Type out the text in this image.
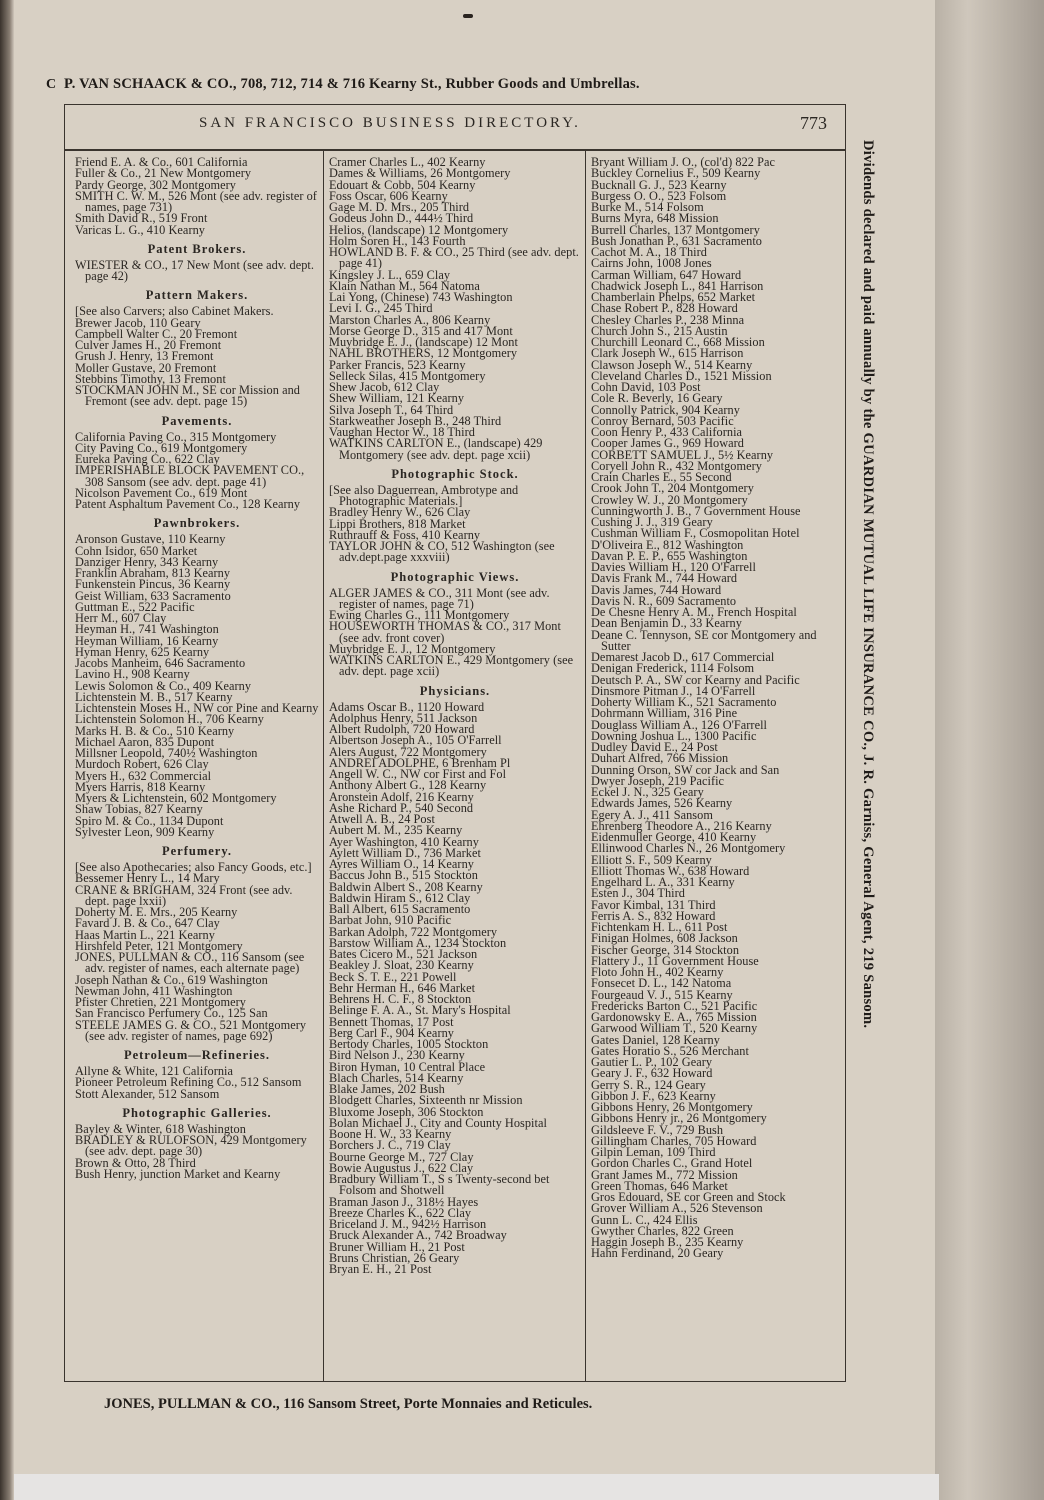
C P. VAN SCHAACK & CO., 708, 712, 714 & 716 Kearny St., Rubber Goods and Umbrellas.
SAN FRANCISCO BUSINESS DIRECTORY.	773
Friend E. A. & Co., 601 California
Fuller & Co., 21 New Montgomery
Pardy George, 302 Montgomery
SMITH C. W. M., 526 Mont (see adv. register of names, page 731)
Smith David R., 519 Front
Varicas L. G., 410 Kearny
Patent Brokers.
WIESTER & CO., 17 New Mont (see adv. dept. page 42)
Pattern Makers.
[See also Carvers; also Cabinet Makers.
Brewer Jacob, 110 Geary
Campbell Walter C., 20 Fremont
Culver James H., 20 Fremont
Grush J. Henry, 13 Fremont
Moller Gustave, 20 Fremont
Stebbins Timothy, 13 Fremont
STOCKMAN JOHN M., SE cor Mission and Fremont (see adv. dept. page 15)
Pavements.
California Paving Co., 315 Montgomery
City Paving Co., 619 Montgomery
Eureka Paving Co., 622 Clay
IMPERISHABLE BLOCK PAVEMENT CO., 308 Sansom (see adv. dept. page 41)
Nicolson Pavement Co., 619 Mont
Patent Asphaltum Pavement Co., 128 Kearny
Pawnbrokers.
Aronson Gustave, 110 Kearny
Cohn Isidor, 650 Market
Danziger Henry, 343 Kearny
Franklin Abraham, 813 Kearny
Funkenstein Pincus, 36 Kearny
Geist William, 633 Sacramento
Guttman E., 522 Pacific
Herr M., 607 Clay
Heyman H., 741 Washington
Heyman William, 16 Kearny
Hyman Henry, 625 Kearny
Jacobs Manheim, 646 Sacramento
Lavino H., 908 Kearny
Lewis Solomon & Co., 409 Kearny
Lichtenstein M. B., 517 Kearny
Lichtenstein Moses H., NW cor Pine and Kearny
Lichtenstein Solomon H., 706 Kearny
Marks H. B. & Co., 510 Kearny
Michael Aaron, 835 Dupont
Millsner Leopold, 740½ Washington
Murdoch Robert, 626 Clay
Myers H., 632 Commercial
Myers Harris, 818 Kearny
Myers & Lichtenstein, 602 Montgomery
Shaw Tobias, 827 Kearny
Spiro M. & Co., 1134 Dupont
Sylvester Leon, 909 Kearny
Perfumery.
[See also Apothecaries; also Fancy Goods, etc.]
Bessemer Henry L., 14 Mary
CRANE & BRIGHAM, 324 Front (see adv. dept. page lxxii)
Doherty M. E. Mrs., 205 Kearny
Favard J. B. & Co., 647 Clay
Haas Martin L., 221 Kearny
Hirshfeld Peter, 121 Montgomery
JONES, PULLMAN & CO., 116 Sansom (see adv. register of names, each alternate page)
Joseph Nathan & Co., 619 Washington
Newman John, 411 Washington
Pfister Chretien, 221 Montgomery
San Francisco Perfumery Co., 125 San
STEELE JAMES G. & CO., 521 Montgomery (see adv. register of names, page 692)
Petroleum—Refineries.
Allyne & White, 121 California
Pioneer Petroleum Refining Co., 512 Sansom
Stott Alexander, 512 Sansom
Photographic Galleries.
Bayley & Winter, 618 Washington
BRADLEY & RULOFSON, 429 Montgomery (see adv. dept. page 30)
Brown & Otto, 28 Third
Bush Henry, junction Market and Kearny
Cramer Charles L., 402 Kearny
Dames & Williams, 26 Montgomery
Edouart & Cobb, 504 Kearny
Foss Oscar, 606 Kearny
Gage M. D. Mrs., 205 Third
Godeus John D., 444½ Third
Helios, (landscape) 12 Montgomery
Holm Soren H., 143 Fourth
HOWLAND B. F. & CO., 25 Third (see adv. dept. page 41)
Kingsley J. L., 659 Clay
Klain Nathan M., 564 Natoma
Lai Yong, (Chinese) 743 Washington
Levi I. G., 245 Third
Marston Charles A., 806 Kearny
Morse George D., 315 and 417 Mont
Muybridge E. J., (landscape) 12 Mont
NAHL BROTHERS, 12 Montgomery
Parker Francis, 523 Kearny
Selleck Silas, 415 Montgomery
Shew Jacob, 612 Clay
Shew William, 121 Kearny
Silva Joseph T., 64 Third
Starkweather Joseph B., 248 Third
Vaughan Hector W., 18 Third
WATKINS CARLTON E., (landscape) 429 Montgomery (see adv. dept. page xcii)
Photographic Stock.
[See also Daguerrean, Ambrotype and Photographic Materials.]
Bradley Henry W., 626 Clay
Lippi Brothers, 818 Market
Ruthrauff & Foss, 410 Kearny
TAYLOR JOHN & CO, 512 Washington (see adv.dept.page xxxviii)
Photographic Views.
ALGER JAMES & CO., 311 Mont (see adv. register of names, page 71)
Ewing Charles G., 111 Montgomery
HOUSEWORTH THOMAS & CO., 317 Mont (see adv. front cover)
Muybridge E. J., 12 Montgomery
WATKINS CARLTON E., 429 Montgomery (see adv. dept. page xcii)
Physicians.
Adams Oscar B., 1120 Howard
Adolphus Henry, 511 Jackson
Albert Rudolph, 720 Howard
Albertson Joseph A., 105 O'Farrell
Alers August, 722 Montgomery
ANDREI ADOLPHE, 6 Brenham Pl
Angell W. C., NW cor First and Fol
Anthony Albert G., 128 Kearny
Aronstein Adolf, 216 Kearny
Ashe Richard P., 540 Second
Atwell A. B., 24 Post
Aubert M. M., 235 Kearny
Ayer Washington, 410 Kearny
Aylett William D., 736 Market
Ayres William O., 14 Kearny
Baccus John B., 515 Stockton
Baldwin Albert S., 208 Kearny
Baldwin Hiram S., 612 Clay
Ball Albert, 615 Sacramento
Barbat John, 910 Pacific
Barkan Adolph, 722 Montgomery
Barstow William A., 1234 Stockton
Bates Cicero M., 521 Jackson
Beakley J. Sloat, 230 Kearny
Beck S. T. E., 221 Powell
Behr Herman H., 646 Market
Behrens H. C. F., 8 Stockton
Belinge F. A. A., St. Mary's Hospital
Bennett Thomas, 17 Post
Berg Carl F., 904 Kearny
Bertody Charles, 1005 Stockton
Bird Nelson J., 230 Kearny
Biron Hyman, 10 Central Place
Blach Charles, 514 Kearny
Blake James, 202 Bush
Blodgett Charles, Sixteenth nr Mission
Bluxome Joseph, 306 Stockton
Bolan Michael J., City and County Hospital
Boone H. W., 33 Kearny
Borchers J. C., 719 Clay
Bourne George M., 727 Clay
Bowie Augustus J., 622 Clay
Bradbury William T., S s Twenty-second bet Folsom and Shotwell
Braman Jason J., 318½ Hayes
Breeze Charles K., 622 Clay
Briceland J. M., 942½ Harrison
Bruck Alexander A., 742 Broadway
Bruner William H., 21 Post
Bruns Christian, 26 Geary
Bryan E. H., 21 Post
Bryant William J. O., (col'd) 822 Pac
Buckley Cornelius F., 509 Kearny
Bucknall G. J., 523 Kearny
Burgess O. O., 523 Folsom
Burke M., 514 Folsom
Burns Myra, 648 Mission
Burrell Charles, 137 Montgomery
Bush Jonathan P., 631 Sacramento
Cachot M. A., 18 Third
Cairns John, 1008 Jones
Carman William, 647 Howard
Chadwick Joseph L., 841 Harrison
Chamberlain Phelps, 652 Market
Chase Robert P., 828 Howard
Chesley Charles P., 238 Minna
Church John S., 215 Austin
Churchill Leonard C., 668 Mission
Clark Joseph W., 615 Harrison
Clawson Joseph W., 514 Kearny
Cleveland Charles D., 1521 Mission
Cohn David, 103 Post
Cole R. Beverly, 16 Geary
Connolly Patrick, 904 Kearny
Conroy Bernard, 503 Pacific
Coon Henry P., 433 California
Cooper James G., 969 Howard
CORBETT SAMUEL J., 5½ Kearny
Coryell John R., 432 Montgomery
Crain Charles E., 55 Second
Crook John T., 204 Montgomery
Crowley W. J., 20 Montgomery
Cunningworth J. B., 7 Government House
Cushing J. J., 319 Geary
Cushman William F., Cosmopolitan Hotel
D'Oliveira E., 812 Washington
Davan P. E. P., 655 Washington
Davies William H., 120 O'Farrell
Davis Frank M., 744 Howard
Davis James, 744 Howard
Davis N. R., 609 Sacramento
De Chesne Henry A. M., French Hospital
Dean Benjamin D., 33 Kearny
Deane C. Tennyson, SE cor Montgomery and Sutter
Demarest Jacob D., 617 Commercial
Denigan Frederick, 1114 Folsom
Deutsch P. A., SW cor Kearny and Pacific
Dinsmore Pitman J., 14 O'Farrell
Doherty William K., 521 Sacramento
Dohrmann William, 316 Pine
Douglass William A., 126 O'Farrell
Downing Joshua L., 1300 Pacific
Dudley David E., 24 Post
Duhart Alfred, 766 Mission
Dunning Orson, SW cor Jack and San
Dwyer Joseph, 219 Pacific
Eckel J. N., 325 Geary
Edwards James, 526 Kearny
Egery A. J., 411 Sansom
Ehrenberg Theodore A., 216 Kearny
Eidenmuller George, 410 Kearny
Ellinwood Charles N., 26 Montgomery
Elliott S. F., 509 Kearny
Elliott Thomas W., 638 Howard
Engelhard L. A., 331 Kearny
Esten J., 304 Third
Favor Kimbal, 131 Third
Ferris A. S., 832 Howard
Fichtenkam H. L., 611 Post
Finigan Holmes, 608 Jackson
Fischer George, 314 Stockton
Flattery J., 11 Government House
Floto John H., 402 Kearny
Fonsecet D. L., 142 Natoma
Fourgeaud V. J., 515 Kearny
Fredericks Barton C., 521 Pacific
Gardonowsky E. A., 765 Mission
Garwood William T., 520 Kearny
Gates Daniel, 128 Kearny
Gates Horatio S., 526 Merchant
Gautier L. P., 102 Geary
Geary J. F., 632 Howard
Gerry S. R., 124 Geary
Gibbon J. F., 623 Kearny
Gibbons Henry, 26 Montgomery
Gibbons Henry jr., 26 Montgomery
Gildsleeve F. V., 729 Bush
Gillingham Charles, 705 Howard
Gilpin Leman, 109 Third
Gordon Charles C., Grand Hotel
Grant James M., 772 Mission
Green Thomas, 646 Market
Gros Edouard, SE cor Green and Stock
Grover William A., 526 Stevenson
Gunn L. C., 424 Ellis
Gwyther Charles, 822 Green
Haggin Joseph B., 235 Kearny
Hahn Ferdinand, 20 Geary
Dividends declared and paid annually by the GUARDIAN MUTUAL LIFE INSURANCE CO., J. R. Garniss, General Agent, 219 Sansom.
JONES, PULLMAN & CO., 116 Sansom Street, Porte Monnaies and Reticules.
